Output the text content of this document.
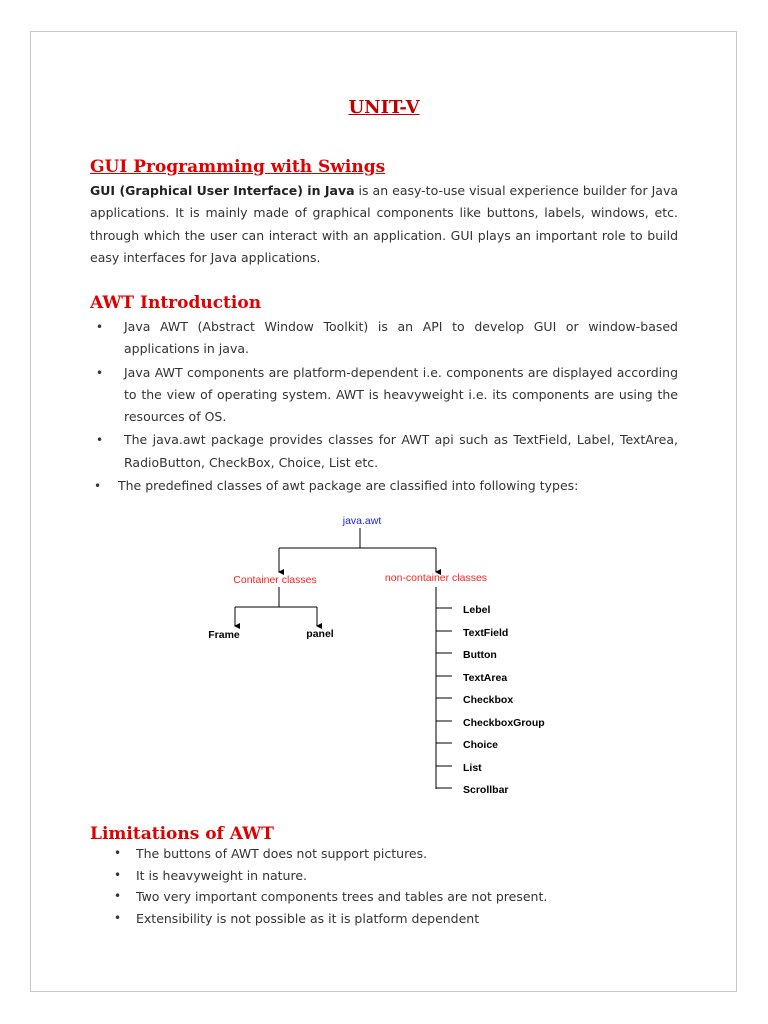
UNIT-V
GUI Programming with Swings

GUI (Graphical User Interface) in Java is an easy-to-use visual experience builder for Java applications. It is mainly made of graphical components like buttons, labels, windows, etc. through which the user can interact with an application. GUI plays an important role to build easy interfaces for Java applications.

AWT Introduction
• Java AWT (Abstract Window Toolkit) is an API to develop GUI or window-based applications in java.
• Java AWT components are platform-dependent i.e. components are displayed according to the view of operating system. AWT is heavyweight i.e. its components are using the resources of OS.
• The java.awt package provides classes for AWT api such as TextField, Label, TextArea, RadioButton, CheckBox, Choice, List etc.
• The predefined classes of awt package are classified into following types:
java.awt
Container classes	non-container classes
Frame	panel
Lebel
TextField
Button
TextArea
Checkbox
CheckboxGroup
Choice
List
Scrollbar
Limitations of AWT
• The buttons of AWT does not support pictures.
• It is heavyweight in nature.
• Two very important components trees and tables are not present.
• Extensibility is not possible as it is platform dependent
